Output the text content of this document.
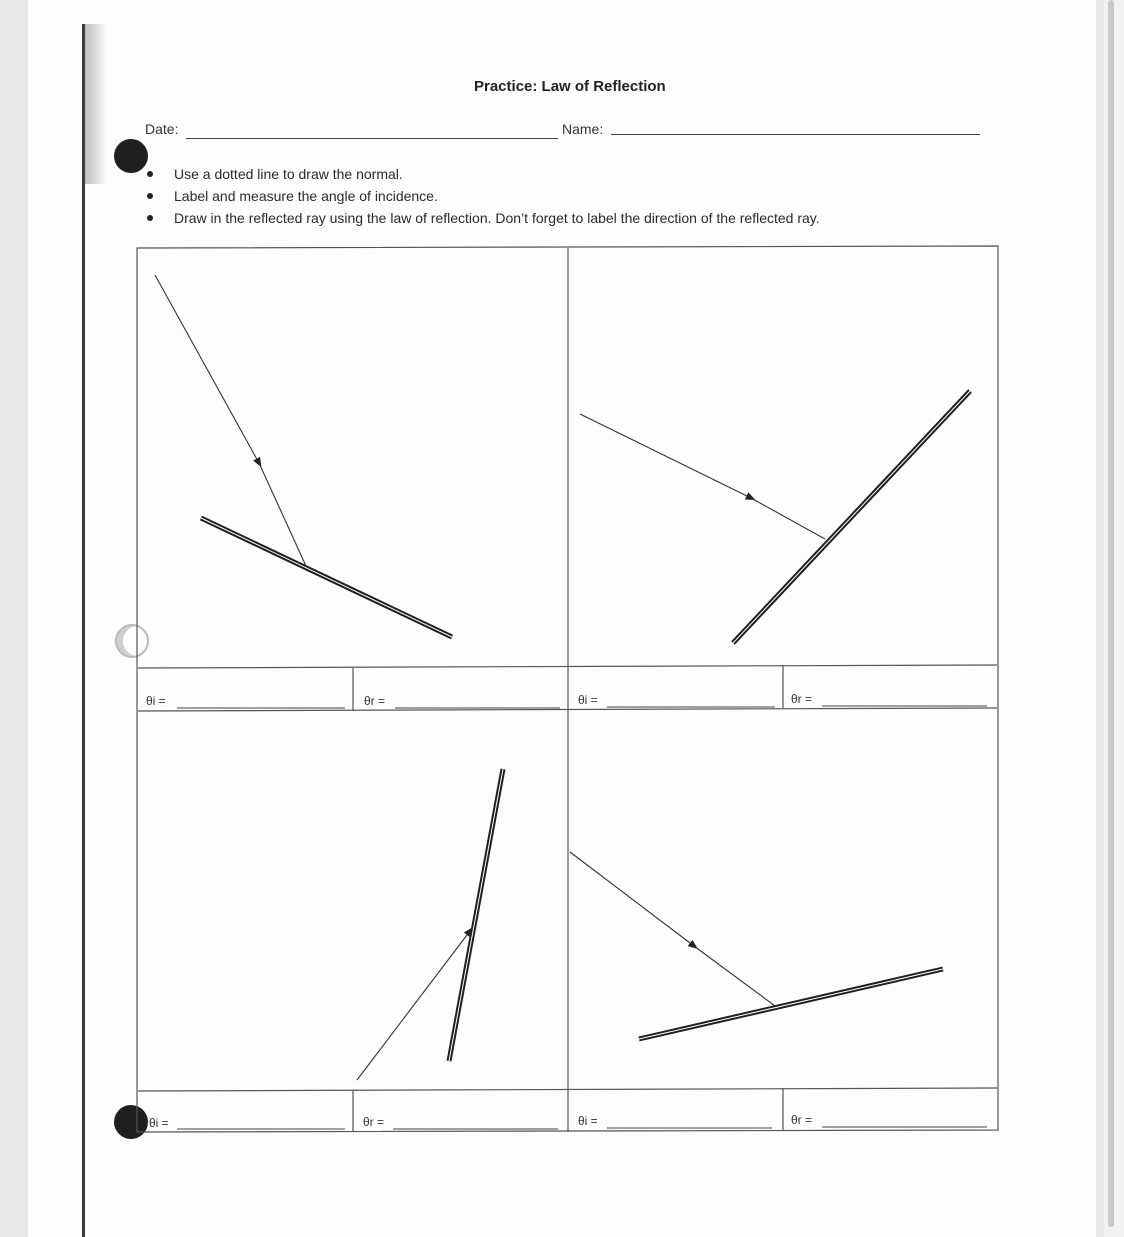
Practice: Law of Reflection
Date:	Name:
Use a dotted line to draw the normal.
Label and measure the angle of incidence.
Draw in the reflected ray using the law of reflection. Don’t forget to label the direction of the reflected ray.
θi =	θr =	θi =	θr =
θi =	θr =	θi =	θr =
